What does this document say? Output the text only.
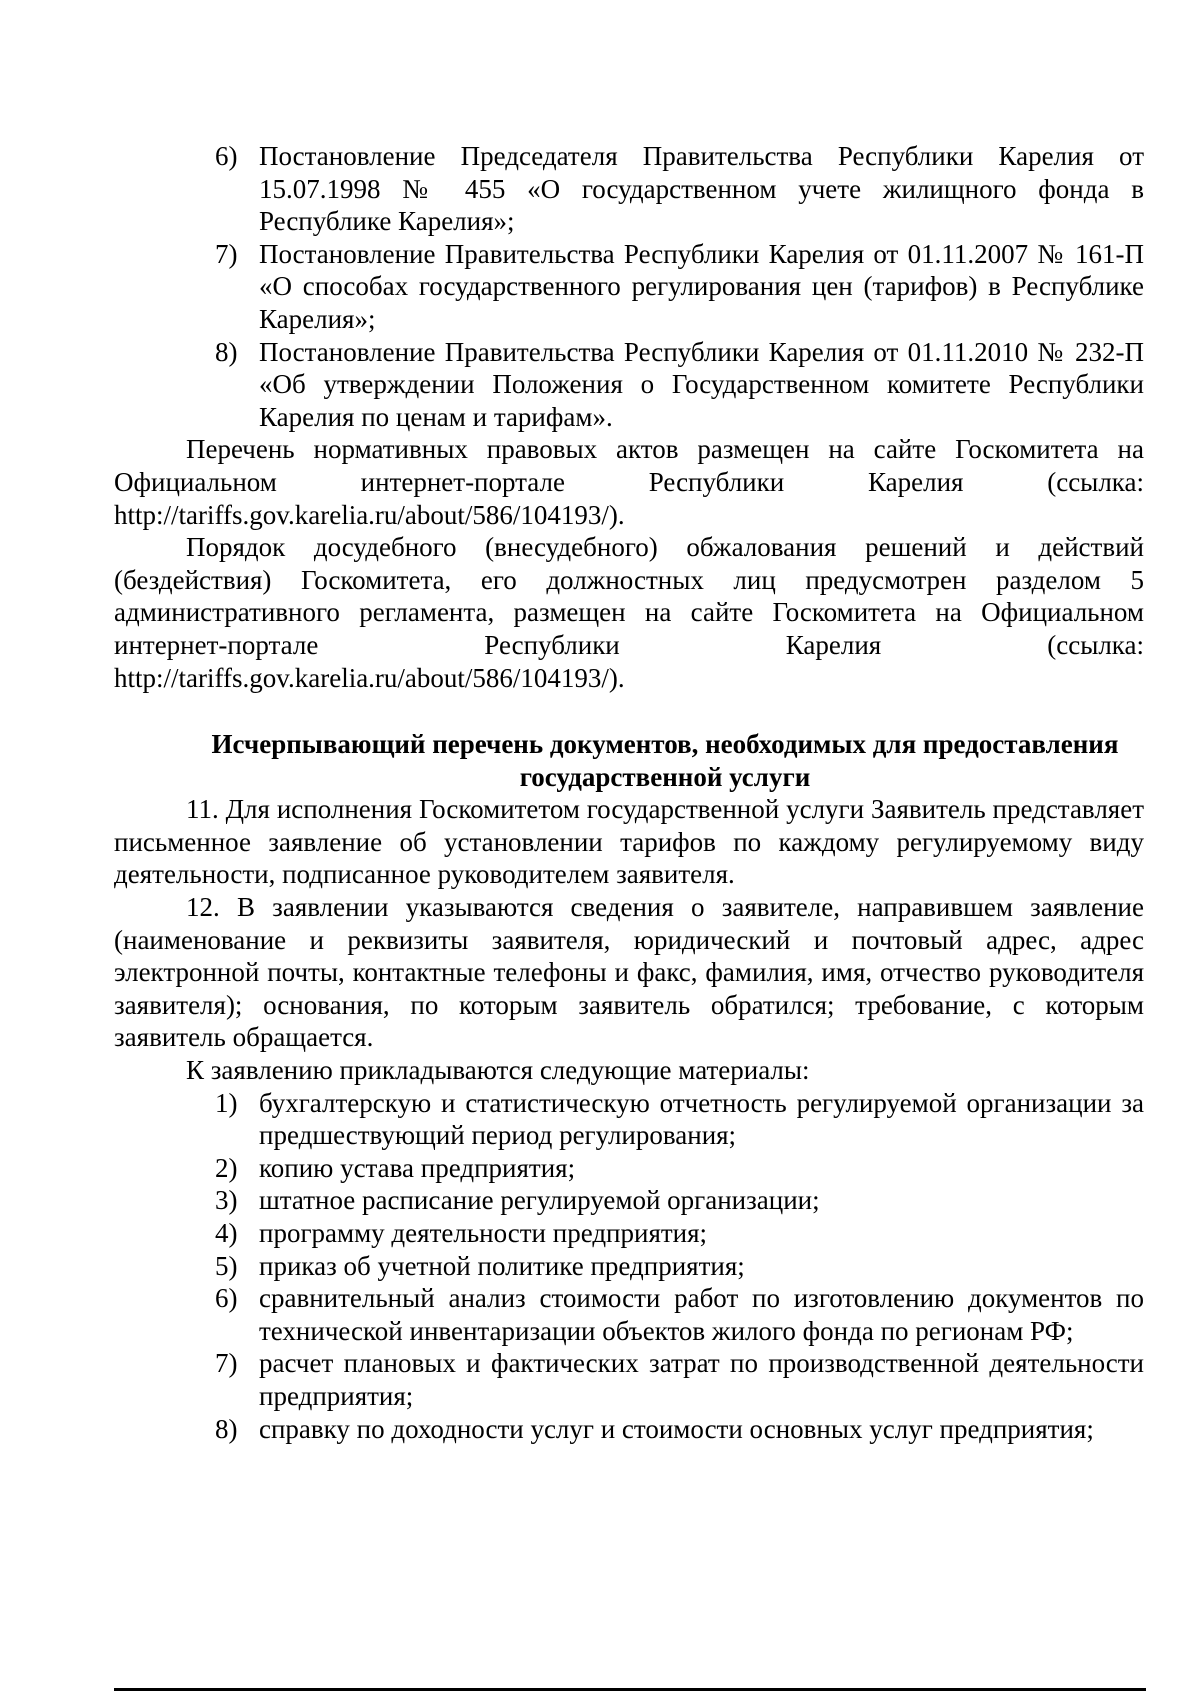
6) Постановление Председателя Правительства Республики Карелия от 15.07.1998 № 455 «О государственном учете жилищного фонда в Республике Карелия»;
7) Постановление Правительства Республики Карелия от 01.11.2007 № 161-П «О способах государственного регулирования цен (тарифов) в Республике Карелия»;
8) Постановление Правительства Республики Карелия от 01.11.2010 № 232-П «Об утверждении Положения о Государственном комитете Республики Карелия по ценам и тарифам».

Перечень нормативных правовых актов размещен на сайте Госкомитета на Официальном интернет-портале Республики Карелия (ссылка: http://tariffs.gov.karelia.ru/about/586/104193/).

Порядок досудебного (внесудебного) обжалования решений и действий (бездействия) Госкомитета, его должностных лиц предусмотрен разделом 5 административного регламента, размещен на сайте Госкомитета на Официальном интернет-портале Республики Карелия (ссылка: http://tariffs.gov.karelia.ru/about/586/104193/).

Исчерпывающий перечень документов, необходимых для предоставления
государственной услуги

11. Для исполнения Госкомитетом государственной услуги Заявитель представляет письменное заявление об установлении тарифов по каждому регулируемому виду деятельности, подписанное руководителем заявителя.

12. В заявлении указываются сведения о заявителе, направившем заявление (наименование и реквизиты заявителя, юридический и почтовый адрес, адрес электронной почты, контактные телефоны и факс, фамилия, имя, отчество руководителя заявителя); основания, по которым заявитель обратился; требование, с которым заявитель обращается.

К заявлению прикладываются следующие материалы:

1) бухгалтерскую и статистическую отчетность регулируемой организации за предшествующий период регулирования;
2) копию устава предприятия;
3) штатное расписание регулируемой организации;
4) программу деятельности предприятия;
5) приказ об учетной политике предприятия;
6) сравнительный анализ стоимости работ по изготовлению документов по технической инвентаризации объектов жилого фонда по регионам РФ;
7) расчет плановых и фактических затрат по производственной деятельности предприятия;
8) справку по доходности услуг и стоимости основных услуг предприятия;
